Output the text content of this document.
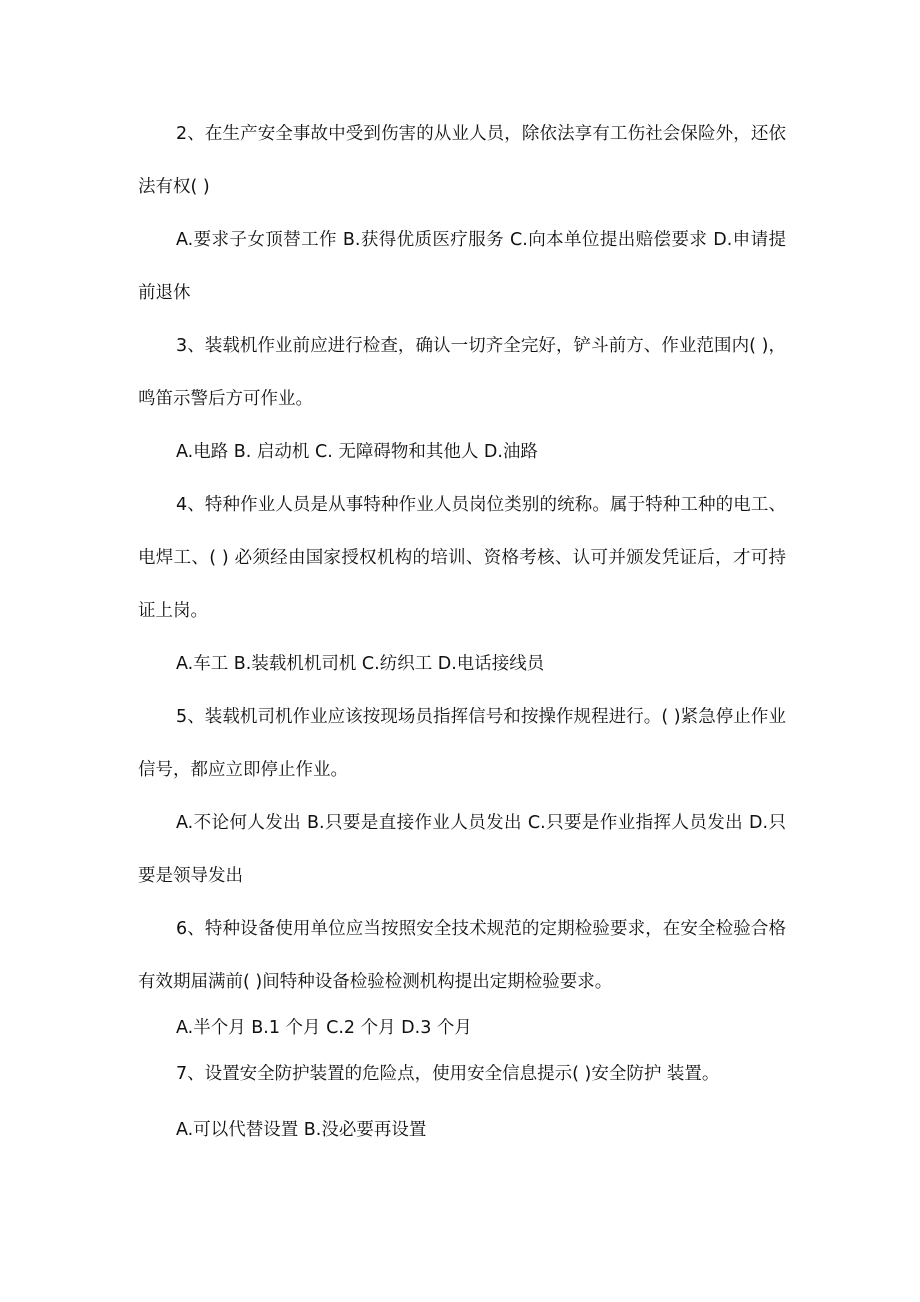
2、在生产安全事故中受到伤害的从业人员，除依法享有工伤社会保险外，还依法有权( )

A.要求子女顶替工作 B.获得优质医疗服务 C.向本单位提出赔偿要求 D.申请提前退休

3、装载机作业前应进行检查，确认一切齐全完好，铲斗前方、作业范围内( )，鸣笛示警后方可作业。

A.电路 B. 启动机 C. 无障碍物和其他人 D.油路

4、特种作业人员是从事特种作业人员岗位类别的统称。属于特种工种的电工、电焊工、( ) 必须经由国家授权机构的培训、资格考核、认可并颁发凭证后，才可持证上岗。

A.车工 B.装载机机司机 C.纺织工 D.电话接线员

5、装载机司机作业应该按现场员指挥信号和按操作规程进行。( )紧急停止作业信号，都应立即停止作业。

A.不论何人发出 B.只要是直接作业人员发出 C.只要是作业指挥人员发出 D.只要是领导发出

6、特种设备使用单位应当按照安全技术规范的定期检验要求，在安全检验合格有效期届满前( )间特种设备检验检测机构提出定期检验要求。

A.半个月 B.1 个月 C.2 个月 D.3 个月

7、设置安全防护装置的危险点，使用安全信息提示( )安全防护 装置。

A.可以代替设置 B.没必要再设置
